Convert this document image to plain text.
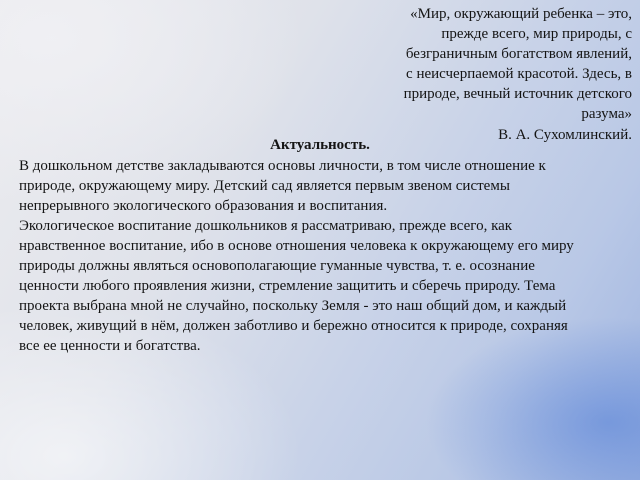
«Мир, окружающий ребенка – это,
прежде всего, мир природы, с
безграничным богатством явлений,
с неисчерпаемой красотой. Здесь, в
природе, вечный источник детского
разума»
В. А. Сухомлинский.
Актуальность.

В дошкольном детстве закладываются основы личности, в том числе отношение к
природе, окружающему миру. Детский сад является первым звеном системы
непрерывного экологического образования и воспитания.

Экологическое воспитание дошкольников я рассматриваю, прежде всего, как
нравственное воспитание, ибо в основе отношения человека к окружающему его миру
природы должны являться основополагающие гуманные чувства, т. е. осознание
ценности любого проявления жизни, стремление защитить и сберечь природу. Тема
проекта выбрана мной не случайно, поскольку Земля - это наш общий дом, и каждый
человек, живущий в нём, должен заботливо и бережно относится к природе, сохраняя
все ее ценности и богатства.
